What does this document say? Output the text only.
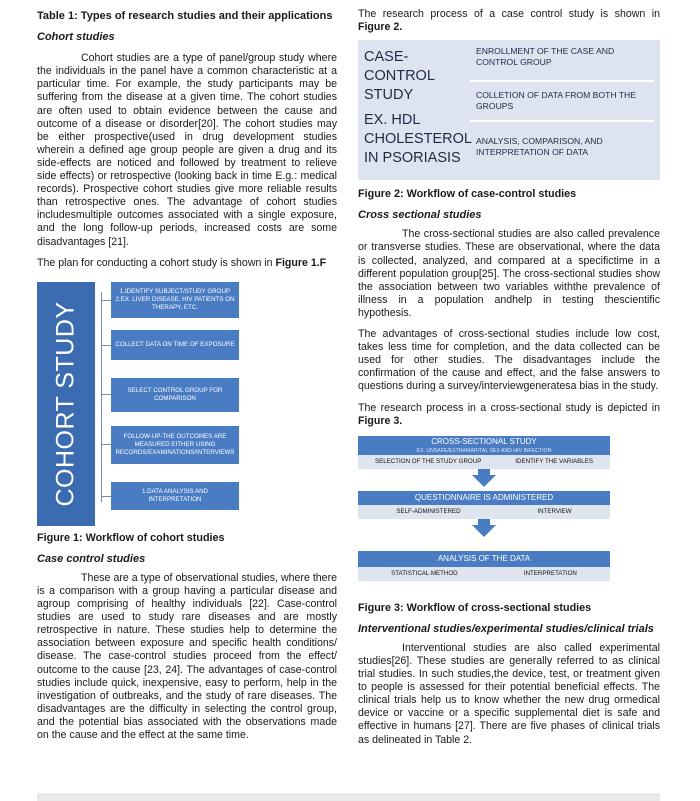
Table 1: Types of research studies and their applications
Cohort studies

Cohort studies are a type of panel/group study where the individuals in the panel have a common characteristic at a particular time. For example, the study participants may be suffering from the disease at a given time. The cohort studies are often used to obtain evidence between the cause and outcome of a disease or disorder[20]. The cohort studies may be either prospective(used in drug development studies wherein a defined age group people are given a drug and its side-effects are noticed and followed by treatment to relieve side effects) or retrospective (looking back in time E.g.: medical records). Prospective cohort studies give more reliable results than retrospective ones. The advantage of cohort studies includesmultiple outcomes associated with a single exposure, and the long follow-up periods, increased costs are some disadvantages [21].

The plan for conducting a cohort study is shown in Figure 1.F

COHORT STUDY
1.IDENTIFY SUBJECT/STUDY GROUP
2.EX. LIVER DISEASE, HIV PATIENTS ON THERAPY, ETC.
COLLECT DATA ON TIME OF EXPOSURE
SELECT CONTROL GROUP FOR COMPARISON
FOLLOW-UP-THE OUTCOMES ARE MEASURED EITHER USING RECORDS/EXAMINATIONS/INTERVIEWS
1.DATA ANALYSIS AND INTERPRETATION
Figure 1: Workflow of cohort studies
Case control studies

These are a type of observational studies, where there is a comparison with a group having a particular disease and agroup comprising of healthy individuals [22]. Case-control studies are used to study rare diseases and are mostly retrospective in nature. These studies help to determine the association between exposure and specific health conditions/ disease. The case-control studies proceed from the effect/ outcome to the cause [23, 24]. The advantages of case-control studies include quick, inexpensive, easy to perform, help in the investigation of outbreaks, and the study of rare diseases. The disadvantages are the difficulty in selecting the control group, and the potential bias associated with the observations made on the cause and the effect at the same time.

The research process of a case control study is shown in Figure 2.

CASE-
CONTROL
STUDY
EX. HDL
CHOLESTEROL
IN PSORIASIS
ENROLLMENT OF THE CASE AND CONTROL GROUP
COLLETION OF DATA FROM BOTH THE GROUPS
ANALYSIS, COMPARISON, AND INTERPRETATION OF DATA
Figure 2: Workflow of case-control studies
Cross sectional studies

The cross-sectional studies are also called prevalence or transverse studies. These are observational, where the data is collected, analyzed, and compared at a specifictime in a different population group[25]. The cross-sectional studies show the association between two variables withthe prevalence of illness in a population andhelp in testing thescientific hypothesis.

The advantages of cross-sectional studies include low cost, takes less time for completion, and the data collected can be used for other studies. The disadvantages include the confirmation of the cause and effect, and the false answers to questions during a survey/interviewgeneratesa bias in the study.

The research process in a cross-sectional study is depicted in Figure 3.

CROSS-SECTIONAL STUDY
EX. UNSAFE/EXTRAMARITAL SEX AND HIV INFECTION
SELECTION OF THE STUDY GROUP	IDENTIFY THE VARIABLES
QUESTIONNAIRE IS ADMINISTERED
SELF-ADMINISTERED	INTERVIEW
ANALYSIS OF THE DATA
STATISTICAL METHOD	INTERPRETATION
Figure 3: Workflow of cross-sectional studies
Interventional studies/experimental studies/clinical trials

Interventional studies are also called experimental studies[26]. These studies are generally referred to as clinical trial studies. In such studies,the device, test, or treatment given to people is assessed for their potential beneficial effects. The clinical trials help us to know whether the new drug ormedical device or vaccine or a specific supplemental diet is safe and effective in humans [27]. There are five phases of clinical trials as delineated in Table 2.
